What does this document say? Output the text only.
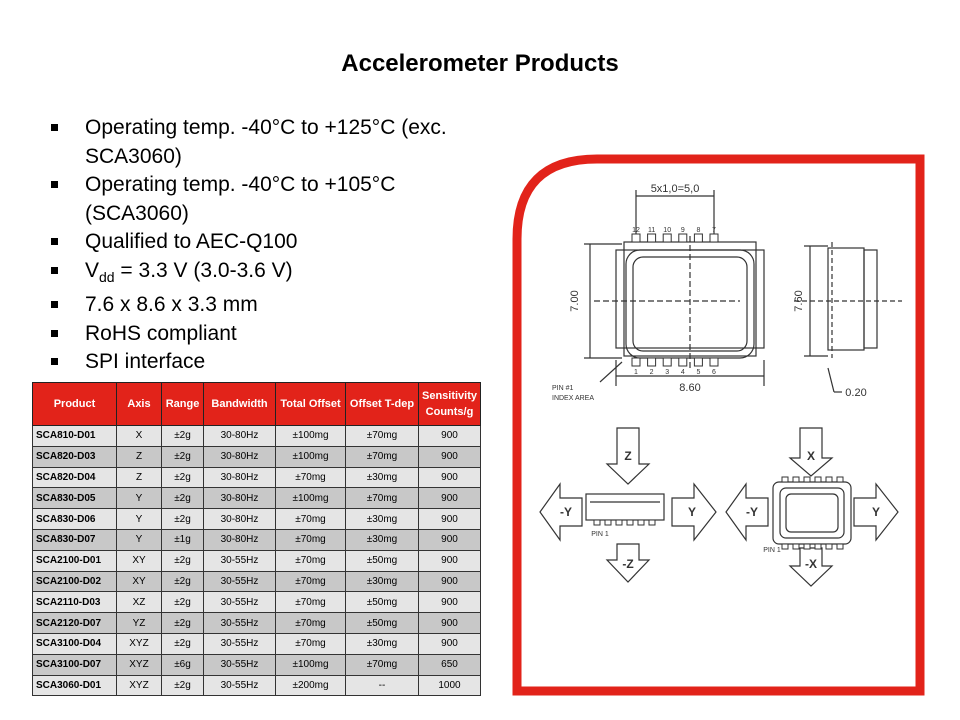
Accelerometer Products
Operating temp. -40°C to +125°C (exc. SCA3060)
Operating temp. -40°C to +105°C (SCA3060)
Qualified to AEC-Q100
$V_{dd} = 3.3$ V (3.0-3.6 V)
7.6 x 8.6 x 3.3 mm
RoHS compliant
SPI interface
Product	Axis	Range	Bandwidth	Total Offset	Offset T-dep	Sensitivity Counts/g
SCA810-D01	X	±2g	30-80Hz	±100mg	±70mg	900
SCA820-D03	Z	±2g	30-80Hz	±100mg	±70mg	900
SCA820-D04	Z	±2g	30-80Hz	±70mg	±30mg	900
SCA830-D05	Y	±2g	30-80Hz	±100mg	±70mg	900
SCA830-D06	Y	±2g	30-80Hz	±70mg	±30mg	900
SCA830-D07	Y	±1g	30-80Hz	±70mg	±30mg	900
SCA2100-D01	XY	±2g	30-55Hz	±70mg	±50mg	900
SCA2100-D02	XY	±2g	30-55Hz	±70mg	±30mg	900
SCA2110-D03	XZ	±2g	30-55Hz	±70mg	±50mg	900
SCA2120-D07	YZ	±2g	30-55Hz	±70mg	±50mg	900
SCA3100-D04	XYZ	±2g	30-55Hz	±70mg	±30mg	900
SCA3100-D07	XYZ	±6g	30-55Hz	±100mg	±70mg	650
SCA3060-D01	XYZ	±2g	30-55Hz	±200mg	--	1000
5x1,0=5,0
8.60
7.00	7.60
0.20
PIN #1
INDEX AREA
Z
-Z
-Y	Y
PIN 1
X
-X
-Y	Y
PIN 1
12 11 10 9 8 7
1 2 3 4 5 6
